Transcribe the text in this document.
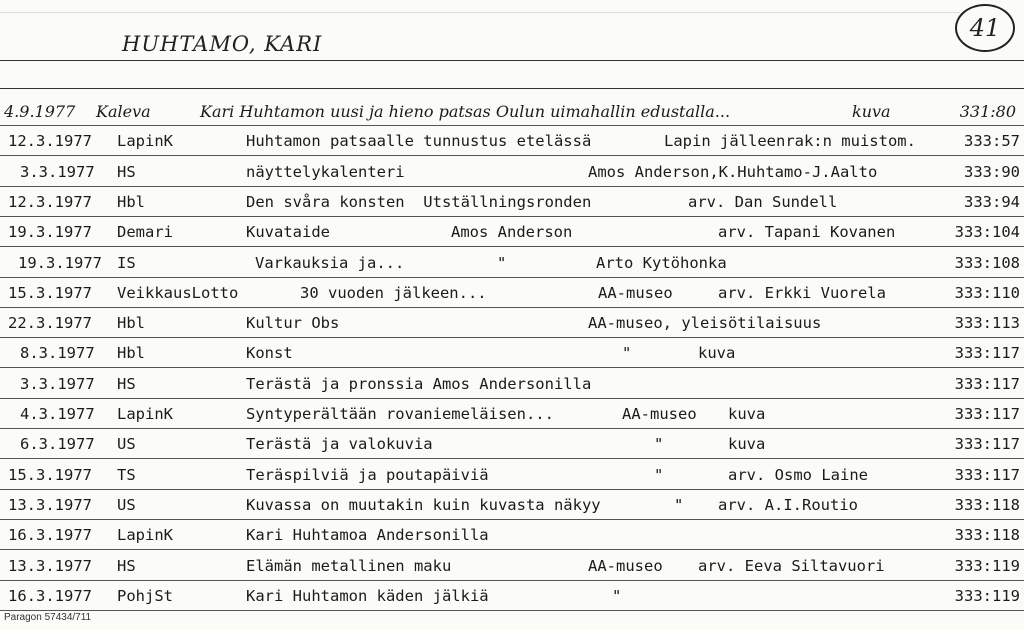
HUHTAMO, KARI
41
4.9.1977 Kaleva	Kari Huhtamon uusi ja hieno patsas Oulun uimahallin edustalla...	kuva	331:80
12.3.1977 LapinK	Huhtamon patsaalle tunnustus etelässä	Lapin jälleenrak:n muistom.	333:57
3.3.1977 HS	näyttelykalenteri	Amos Anderson,K.Huhtamo-J.Aalto	333:90
12.3.1977 Hbl	Den svåra konsten  Utställningsronden	arv. Dan Sundell	333:94
19.3.1977 Demari	Kuvataide	Amos Anderson	arv. Tapani Kovanen	333:104
19.3.1977 IS	Varkauksia ja...	"	Arto Kytöhonka	333:108
15.3.1977 VeikkausLotto	30 vuoden jälkeen...	AA-museo	arv. Erkki Vuorela	333:110
22.3.1977 Hbl	Kultur Obs	AA-museo, yleisötilaisuus	333:113
8.3.1977 Hbl	Konst	"	kuva	333:117
3.3.1977 HS	Terästä ja pronssia Amos Andersonilla	333:117
4.3.1977 LapinK	Syntyperältään rovaniemeläisen...	AA-museo kuva	333:117
6.3.1977 US	Terästä ja valokuvia	"	kuva	333:117
15.3.1977 TS	Teräspilviä ja poutapäiviä	"	arv. Osmo Laine	333:117
13.3.1977 US	Kuvassa on muutakin kuin kuvasta näkyy	" arv. A.I.Routio	333:118
16.3.1977 LapinK	Kari Huhtamoa Andersonilla	333:118
13.3.1977 HS	Elämän metallinen maku	AA-museo arv. Eeva Siltavuori	333:119
16.3.1977 PohjSt	Kari Huhtamon käden jälkiä	"	333:119
Paragon 57434/711
